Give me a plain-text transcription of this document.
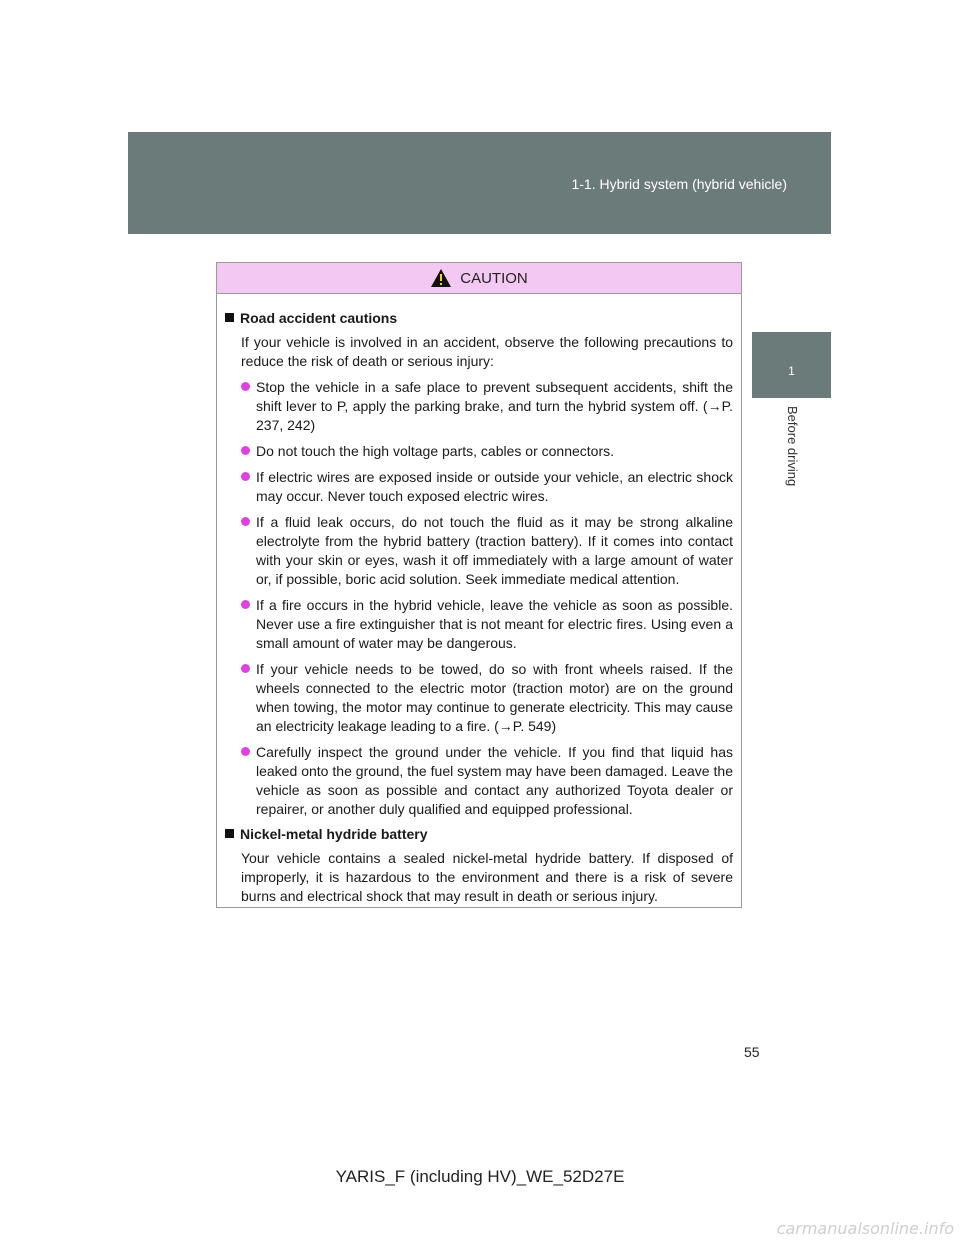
1-1. Hybrid system (hybrid vehicle)
1
Before driving
CAUTION
Road accident cautions
If your vehicle is involved in an accident, observe the following precautions to reduce the risk of death or serious injury:
Stop the vehicle in a safe place to prevent subsequent accidents, shift the shift lever to P, apply the parking brake, and turn the hybrid system off. (→P. 237, 242)
Do not touch the high voltage parts, cables or connectors.
If electric wires are exposed inside or outside your vehicle, an electric shock may occur. Never touch exposed electric wires.
If a fluid leak occurs, do not touch the fluid as it may be strong alkaline electrolyte from the hybrid battery (traction battery). If it comes into contact with your skin or eyes, wash it off immediately with a large amount of water or, if possible, boric acid solution. Seek immediate medical attention.
If a fire occurs in the hybrid vehicle, leave the vehicle as soon as possible. Never use a fire extinguisher that is not meant for electric fires. Using even a small amount of water may be dangerous.
If your vehicle needs to be towed, do so with front wheels raised. If the wheels connected to the electric motor (traction motor) are on the ground when towing, the motor may continue to generate electricity. This may cause an electricity leakage leading to a fire. (→P. 549)
Carefully inspect the ground under the vehicle. If you find that liquid has leaked onto the ground, the fuel system may have been damaged. Leave the vehicle as soon as possible and contact any authorized Toyota dealer or repairer, or another duly qualified and equipped professional.
Nickel-metal hydride battery
Your vehicle contains a sealed nickel-metal hydride battery. If disposed of improperly, it is hazardous to the environment and there is a risk of severe burns and electrical shock that may result in death or serious injury.
55
YARIS_F (including HV)_WE_52D27E
carmanualsonline.info
